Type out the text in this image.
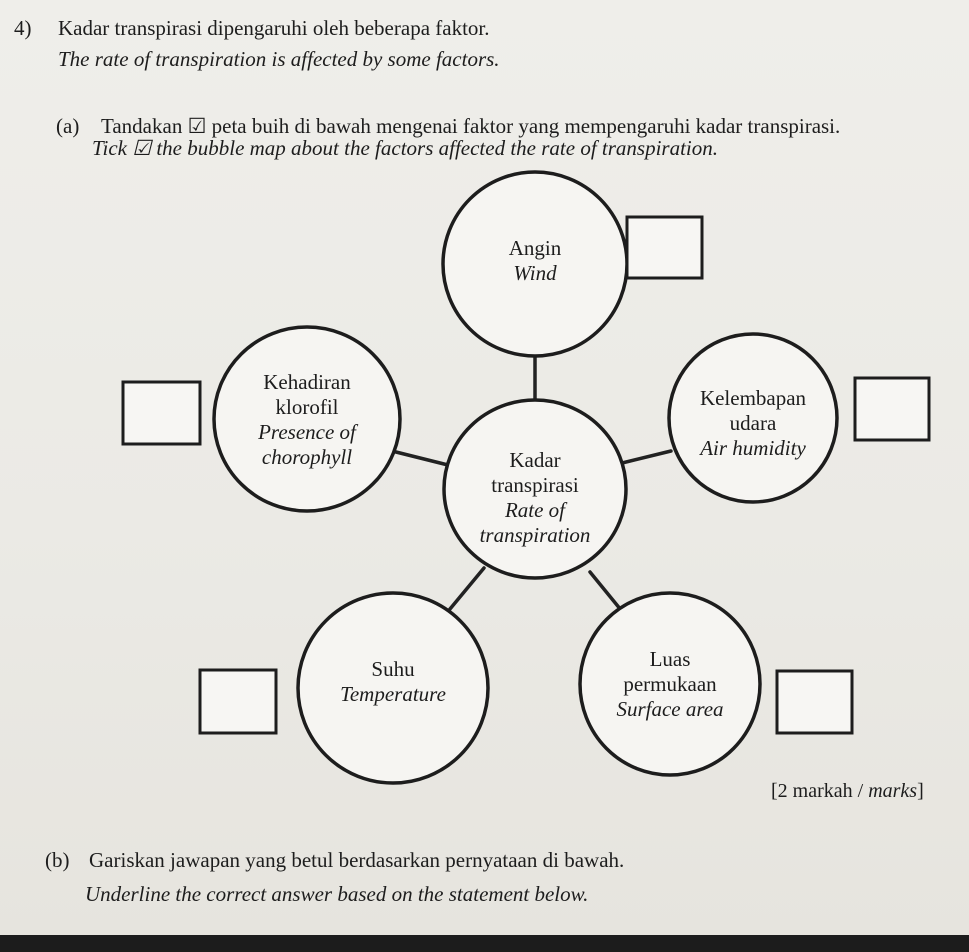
4) Kadar transpirasi dipengaruhi oleh beberapa faktor.
The rate of transpiration is affected by some factors.
(a) Tandakan ☑ peta buih di bawah mengenai faktor yang mempengaruhi kadar transpirasi.
Tick ☑ the bubble map about the factors affected the rate of transpiration.
Angin
Wind
Kehadiran
klorofil
Presence of
chorophyll
Kelembapan
udara
Air humidity
Kadar
transpirasi
Rate of
transpiration
Suhu
Temperature
Luas
permukaan
Surface area
[2 markah / marks]
(b) Gariskan jawapan yang betul berdasarkan pernyataan di bawah.
Underline the correct answer based on the statement below.
